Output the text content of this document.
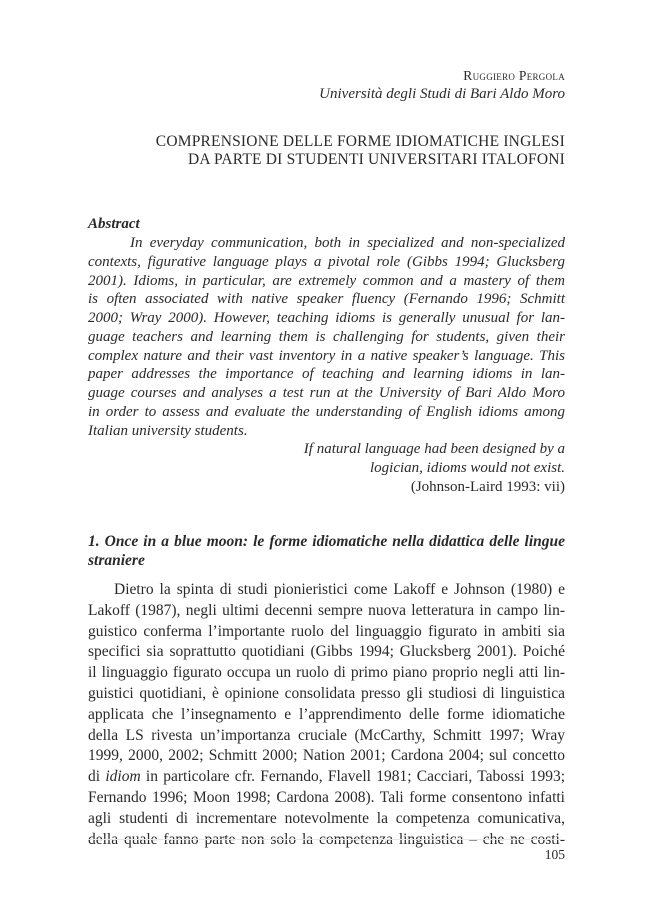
Ruggiero Pergola
Università degli Studi di Bari Aldo Moro
COMPRENSIONE DELLE FORME IDIOMATICHE INGLESI
DA PARTE DI STUDENTI UNIVERSITARI ITALOFONI
Abstract
In everyday communication, both in specialized and non-specialized
contexts, figurative language plays a pivotal role (Gibbs 1994; Glucksberg
2001). Idioms, in particular, are extremely common and a mastery of them
is often associated with native speaker fluency (Fernando 1996; Schmitt
2000; Wray 2000). However, teaching idioms is generally unusual for lan-
guage teachers and learning them is challenging for students, given their
complex nature and their vast inventory in a native speaker’s language. This
paper addresses the importance of teaching and learning idioms in lan-
guage courses and analyses a test run at the University of Bari Aldo Moro
in order to assess and evaluate the understanding of English idioms among
Italian university students.
If natural language had been designed by a
logician, idioms would not exist.
(Johnson-Laird 1993: vii)
1. Once in a blue moon: le forme idiomatiche nella didattica delle lingue
straniere
Dietro la spinta di studi pionieristici come Lakoff e Johnson (1980) e
Lakoff (1987), negli ultimi decenni sempre nuova letteratura in campo lin-
guistico conferma l’importante ruolo del linguaggio figurato in ambiti sia
specifici sia soprattutto quotidiani (Gibbs 1994; Glucksberg 2001). Poiché
il linguaggio figurato occupa un ruolo di primo piano proprio negli atti lin-
guistici quotidiani, è opinione consolidata presso gli studiosi di linguistica
applicata che l’insegnamento e l’apprendimento delle forme idiomatiche
della LS rivesta un’importanza cruciale (McCarthy, Schmitt 1997; Wray
1999, 2000, 2002; Schmitt 2000; Nation 2001; Cardona 2004; sul concetto
di idiom in particolare cfr. Fernando, Flavell 1981; Cacciari, Tabossi 1993;
Fernando 1996; Moon 1998; Cardona 2008). Tali forme consentono infatti
agli studenti di incrementare notevolmente la competenza comunicativa,
della quale fanno parte non solo la competenza linguistica – che ne costi-
105
